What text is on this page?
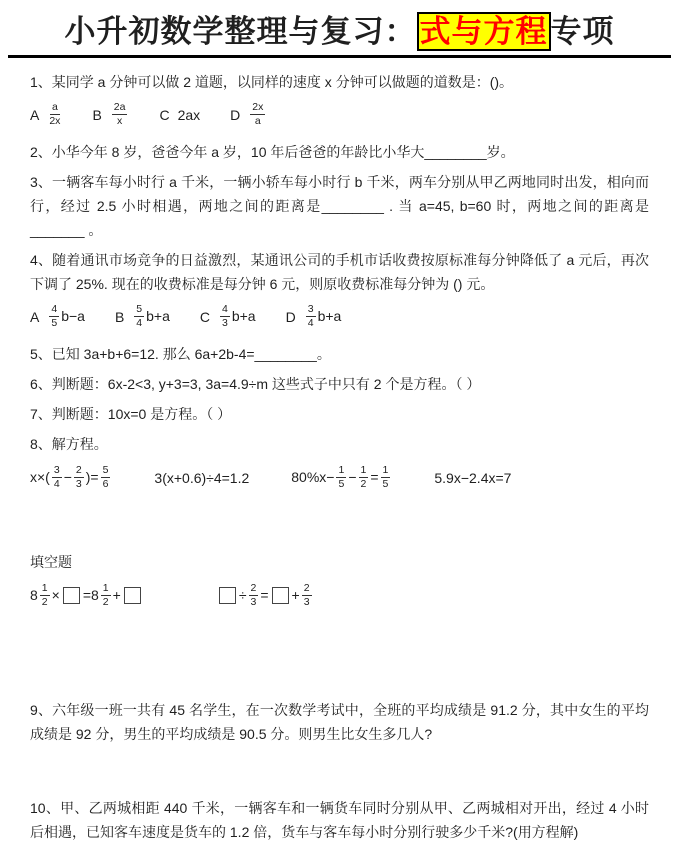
小升初数学整理与复习：式与方程专项

1、某同学 a 分钟可以做 2 道题，以同样的速度 x 分钟可以做题的道数是：()。

A $\frac{a}{2x}$ B $\frac{2a}{x}$ C 2ax D $\frac{2x}{a}$

2、小华今年 8 岁，爸爸今年 a 岁，10 年后爸爸的年龄比小华大________岁。

3、一辆客车每小时行 a 千米，一辆小轿车每小时行 b 千米，两车分别从甲乙两地同时出发，相向而行，经过 2.5 小时相遇，两地之间的距离是________ . 当 a=45, b=60 时，两地之间的距离是_______ 。

4、随着通讯市场竞争的日益激烈，某通讯公司的手机市话收费按原标准每分钟降低了 a 元后，再次下调了 25%. 现在的收费标准是每分钟 6 元，则原收费标准每分钟为 () 元。

A $\frac{4}{5} b-a$ B $\frac{5}{4} b+a$ C $\frac{4}{3} b+a$ D $\frac{3}{4} b+a$

5、已知 3a+b+6=12. 那么 6a+2b-4=________。

6、判断题：6x-2<3, y+3=3, 3a=4.9÷m 这些式子中只有 2 个是方程。（ ）

7、判断题：10x=0 是方程。（ ）

8、解方程。

$x\times( \frac{3}{4} - \frac{2}{3}$ )= $\frac{5}{6}$	3(x+0.6)÷4=1.2	$80\%x- \frac{1}{5} - \frac{1}{2} = \frac{1}{5}$	5.9x−2.4x=7

填空题

$8 \frac{1}{2} \times =8 \frac{1}{2}$ +	÷ $\frac{2}{3}$ = + $\frac{2}{3}$

9、六年级一班一共有 45 名学生，在一次数学考试中，全班的平均成绩是 91.2 分，其中女生的平均成绩是 92 分，男生的平均成绩是 90.5 分。则男生比女生多几人?

10、甲、乙两城相距 440 千米，一辆客车和一辆货车同时分别从甲、乙两城相对开出，经过 4 小时后相遇，已知客车速度是货车的 1.2 倍，货车与客车每小时分别行驶多少千米?(用方程解)
